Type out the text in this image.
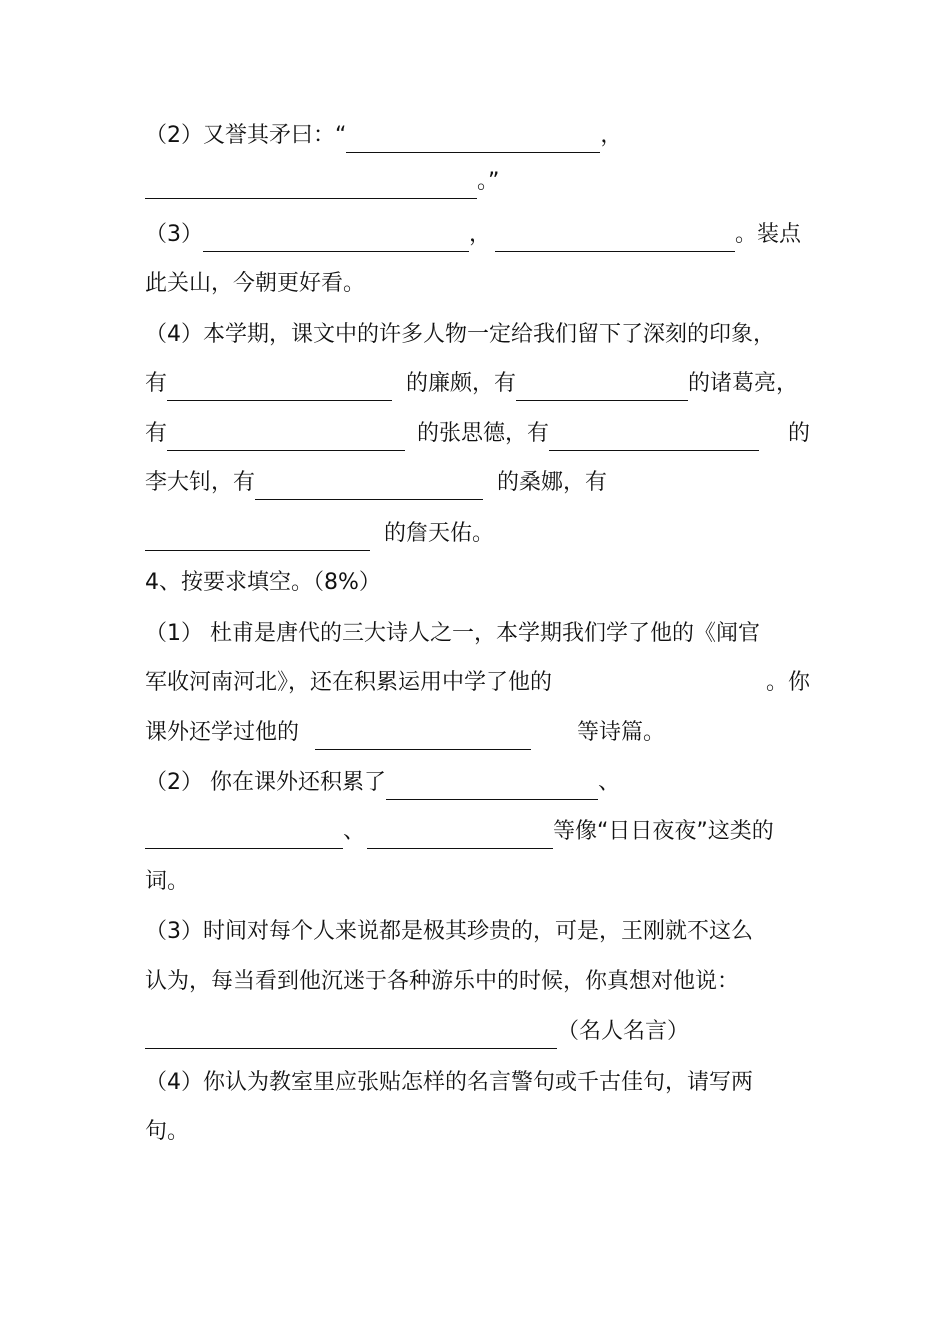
（2）又誉其矛曰：“	，
。”
（3）	，	。装点
此关山，今朝更好看。
（4）本学期，课文中的许多人物一定给我们留下了深刻的印象，
有	的廉颇，有	的诸葛亮，
有	的张思德，有	的
李大钊，有	的桑娜，有
的詹天佑。
4、按要求填空。（8%）
（1） 杜甫是唐代的三大诗人之一，本学期我们学了他的《闻官
军收河南河北》，还在积累运用中学了他的	。你
课外还学过他的	等诗篇。
（2） 你在课外还积累了	、
、	等像“日日夜夜”这类的
词。
（3）时间对每个人来说都是极其珍贵的，可是，王刚就不这么
认为，每当看到他沉迷于各种游乐中的时候，你真想对他说：
（名人名言）
（4）你认为教室里应张贴怎样的名言警句或千古佳句，请写两
句。
